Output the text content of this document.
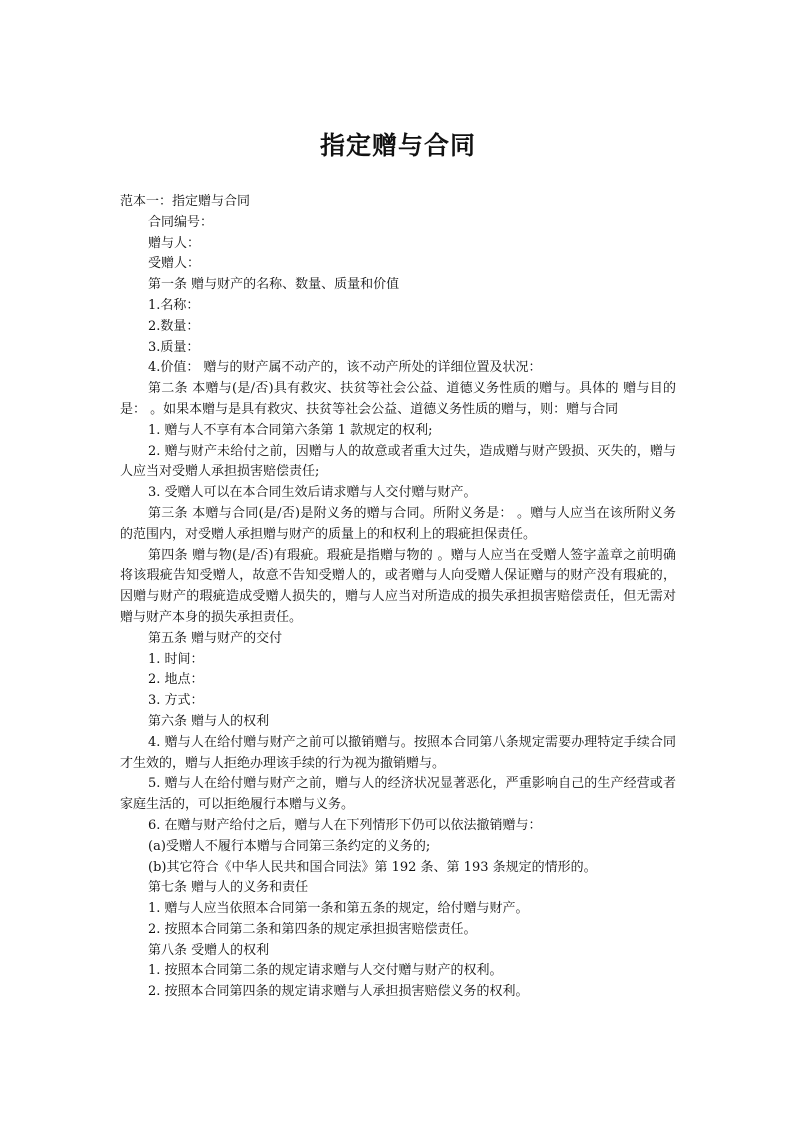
指定赠与合同

范本一：指定赠与合同

合同编号：

赠与人：

受赠人：

第一条 赠与财产的名称、数量、质量和价值

1.名称：

2.数量：

3.质量：

4.价值： 赠与的财产属不动产的，该不动产所处的详细位置及状况：

第二条 本赠与(是/否)具有救灾、扶贫等社会公益、道德义务性质的赠与。具体的 赠与目的是： 。如果本赠与是具有救灾、扶贫等社会公益、道德义务性质的赠与，则：赠与合同

1. 赠与人不享有本合同第六条第 1 款规定的权利;

2. 赠与财产未给付之前，因赠与人的故意或者重大过失，造成赠与财产毁损、灭失的，赠与人应当对受赠人承担损害赔偿责任;

3. 受赠人可以在本合同生效后请求赠与人交付赠与财产。

第三条 本赠与合同(是/否)是附义务的赠与合同。所附义务是： 。赠与人应当在该所附义务的范围内，对受赠人承担赠与财产的质量上的和权利上的瑕疵担保责任。

第四条 赠与物(是/否)有瑕疵。瑕疵是指赠与物的 。赠与人应当在受赠人签字盖章之前明确将该瑕疵告知受赠人，故意不告知受赠人的，或者赠与人向受赠人保证赠与的财产没有瑕疵的，因赠与财产的瑕疵造成受赠人损失的，赠与人应当对所造成的损失承担损害赔偿责任，但无需对赠与财产本身的损失承担责任。

第五条 赠与财产的交付

1. 时间：

2. 地点：

3. 方式：

第六条 赠与人的权利

4. 赠与人在给付赠与财产之前可以撤销赠与。按照本合同第八条规定需要办理特定手续合同才生效的，赠与人拒绝办理该手续的行为视为撤销赠与。

5. 赠与人在给付赠与财产之前，赠与人的经济状况显著恶化，严重影响自己的生产经营或者家庭生活的，可以拒绝履行本赠与义务。

6. 在赠与财产给付之后，赠与人在下列情形下仍可以依法撤销赠与：

(a)受赠人不履行本赠与合同第三条约定的义务的;

(b)其它符合《中华人民共和国合同法》第 192 条、第 193 条规定的情形的。

第七条 赠与人的义务和责任

1. 赠与人应当依照本合同第一条和第五条的规定，给付赠与财产。

2. 按照本合同第二条和第四条的规定承担损害赔偿责任。

第八条 受赠人的权利

1. 按照本合同第二条的规定请求赠与人交付赠与财产的权利。

2. 按照本合同第四条的规定请求赠与人承担损害赔偿义务的权利。
